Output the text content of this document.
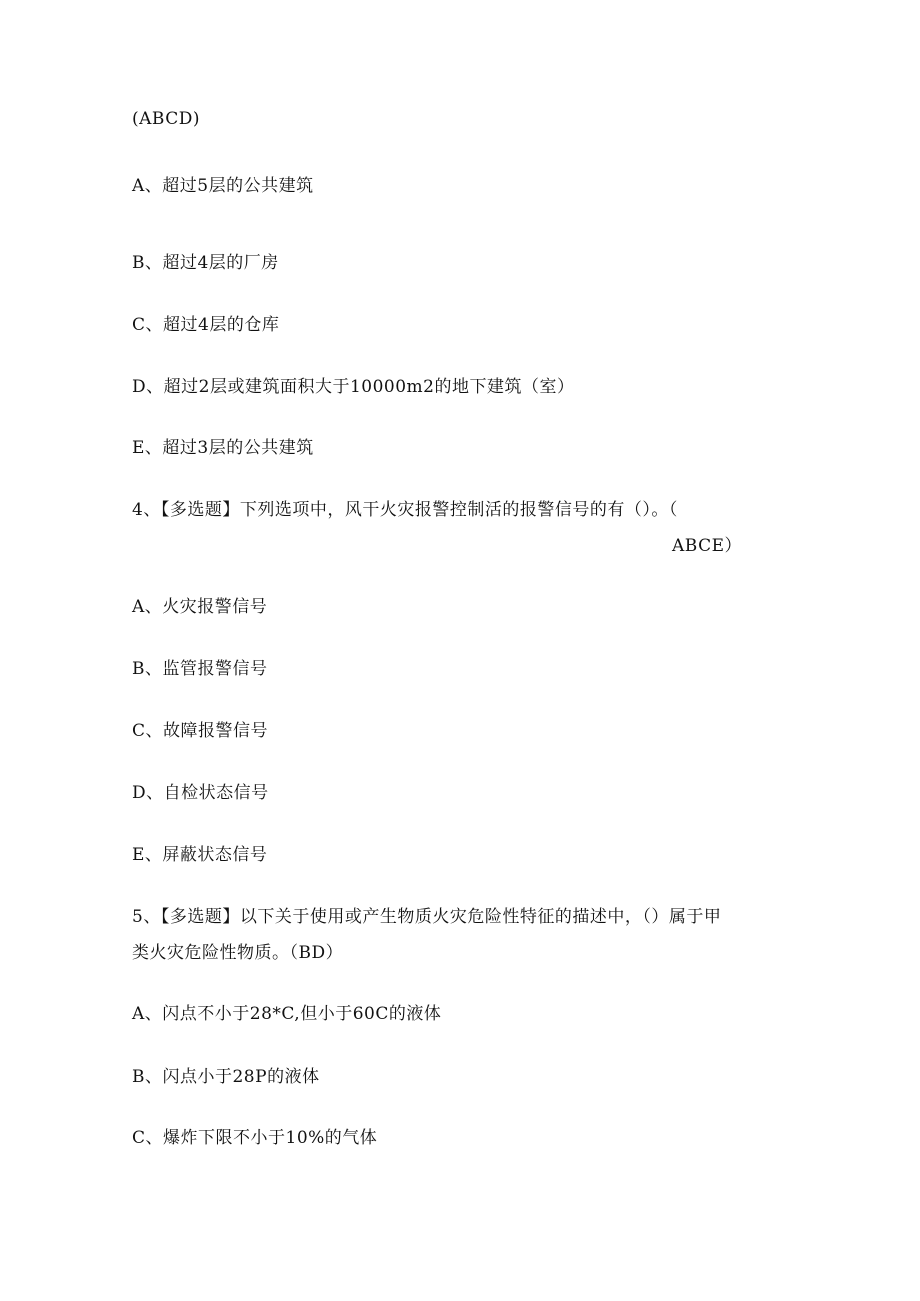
(ABCD)
A、超过5层的公共建筑
B、超过4层的厂房
C、超过4层的仓库
D、超过2层或建筑面积大于10000m2的地下建筑（室）
E、超过3层的公共建筑
4、【多选题】下列选项中，风干火灾报警控制活的报警信号的有（）。（
ABCE）
A、火灾报警信号
B、监管报警信号
C、故障报警信号
D、自检状态信号
E、屏蔽状态信号
5、【多选题】以下关于使用或产生物质火灾危险性特征的描述中，（）属于甲
类火灾危险性物质。（BD）
A、闪点不小于28*C,但小于60C的液体
B、闪点小于28P的液体
C、爆炸下限不小于10%的气体
